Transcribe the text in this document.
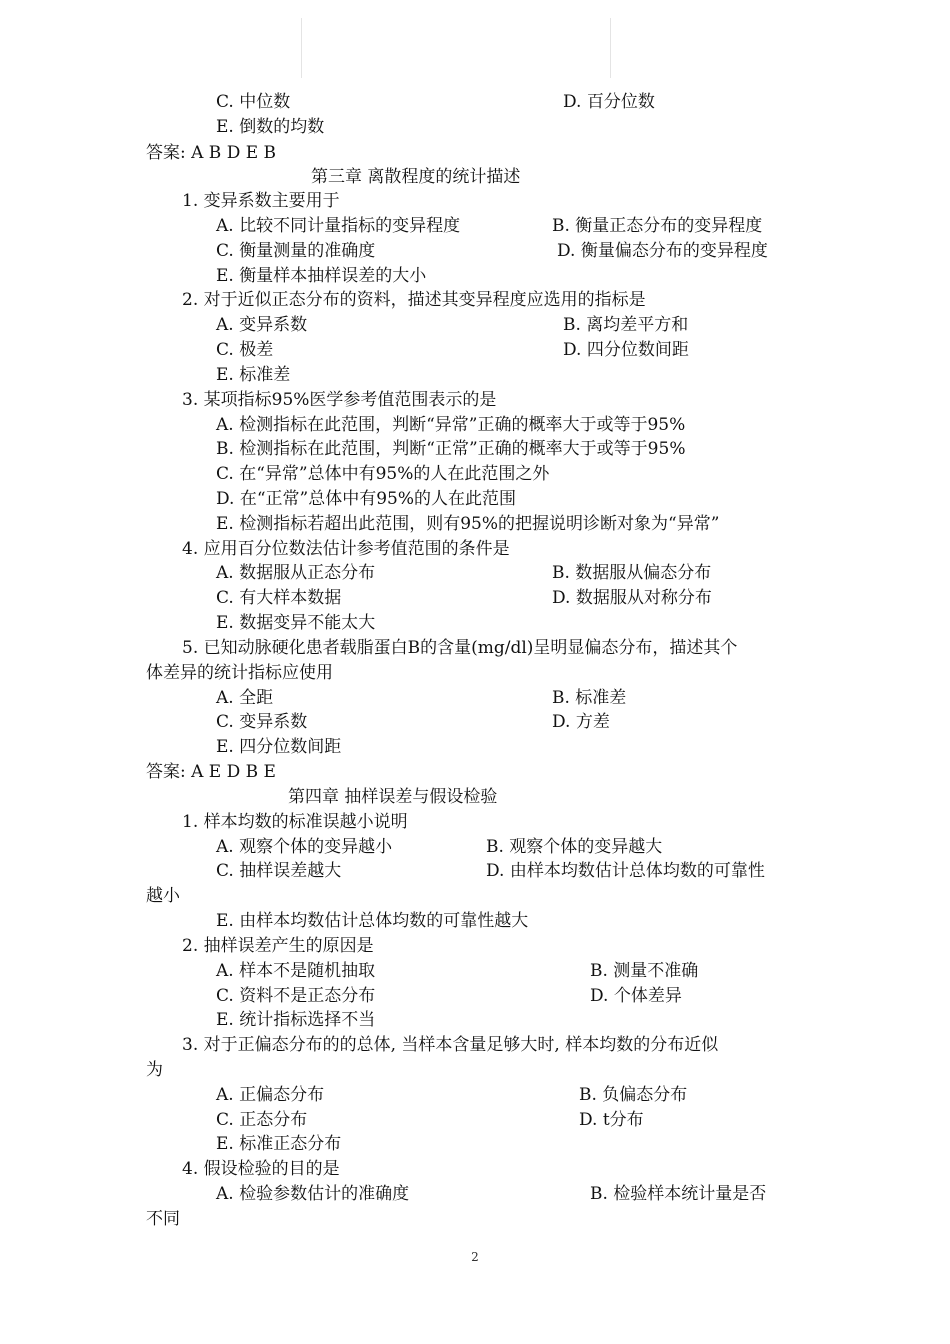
C. 中位数	D. 百分位数
E. 倒数的均数
答案: A B D E B
第三章 离散程度的统计描述
1. 变异系数主要用于
A. 比较不同计量指标的变异程度	B. 衡量正态分布的变异程度
C. 衡量测量的准确度	D. 衡量偏态分布的变异程度
E. 衡量样本抽样误差的大小
2. 对于近似正态分布的资料，描述其变异程度应选用的指标是
A. 变异系数	B. 离均差平方和
C. 极差	D. 四分位数间距
E. 标准差
3. 某项指标95%医学参考值范围表示的是
A. 检测指标在此范围，判断“异常”正确的概率大于或等于95%
B. 检测指标在此范围，判断“正常”正确的概率大于或等于95%
C. 在“异常”总体中有95%的人在此范围之外
D. 在“正常”总体中有95%的人在此范围
E. 检测指标若超出此范围，则有95%的把握说明诊断对象为“异常”
4. 应用百分位数法估计参考值范围的条件是
A. 数据服从正态分布	B. 数据服从偏态分布
C. 有大样本数据	D. 数据服从对称分布
E. 数据变异不能太大
5. 已知动脉硬化患者载脂蛋白B的含量(mg/dl)呈明显偏态分布，描述其个
体差异的统计指标应使用
A. 全距	B. 标准差
C. 变异系数	D. 方差
E. 四分位数间距
答案: A E D B E
第四章 抽样误差与假设检验
1. 样本均数的标准误越小说明
A. 观察个体的变异越小	B. 观察个体的变异越大
C. 抽样误差越大	D. 由样本均数估计总体均数的可靠性
越小
E. 由样本均数估计总体均数的可靠性越大
2. 抽样误差产生的原因是
A. 样本不是随机抽取	B. 测量不准确
C. 资料不是正态分布	D. 个体差异
E. 统计指标选择不当
3. 对于正偏态分布的的总体, 当样本含量足够大时, 样本均数的分布近似
为
A. 正偏态分布	B. 负偏态分布
C. 正态分布	D. t分布
E. 标准正态分布
4. 假设检验的目的是
A. 检验参数估计的准确度	B. 检验样本统计量是否
不同
2
